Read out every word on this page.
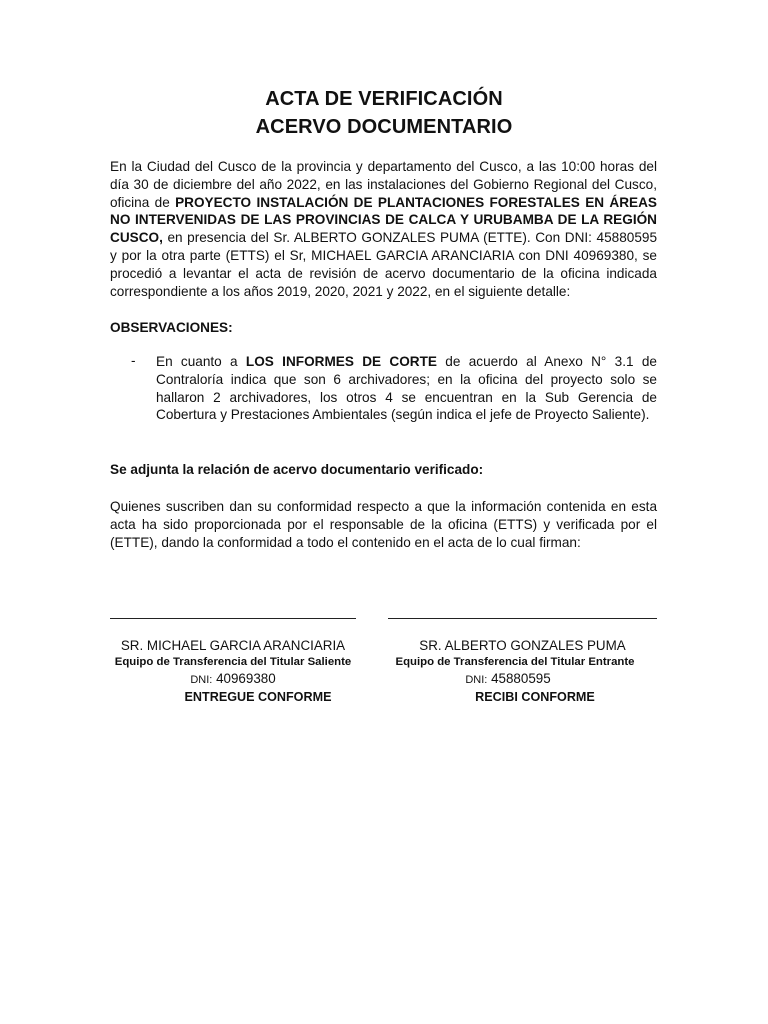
ACTA DE VERIFICACIÓN
ACERVO DOCUMENTARIO
En la Ciudad del Cusco de la provincia y departamento del Cusco, a las 10:00 horas del día 30 de diciembre del año 2022, en las instalaciones del Gobierno Regional del Cusco, oficina de PROYECTO INSTALACIÓN DE PLANTACIONES FORESTALES EN ÁREAS NO INTERVENIDAS DE LAS PROVINCIAS DE CALCA Y URUBAMBA DE LA REGIÓN CUSCO, en presencia del Sr. ALBERTO GONZALES PUMA (ETTE). Con DNI: 45880595 y por la otra parte (ETTS) el Sr, MICHAEL GARCIA ARANCIARIA con DNI 40969380, se procedió a levantar el acta de revisión de acervo documentario de la oficina indicada correspondiente a los años 2019, 2020, 2021 y 2022, en el siguiente detalle:
OBSERVACIONES:
- En cuanto a LOS INFORMES DE CORTE de acuerdo al Anexo N° 3.1 de Contraloría indica que son 6 archivadores; en la oficina del proyecto solo se hallaron 2 archivadores, los otros 4 se encuentran en la Sub Gerencia de Cobertura y Prestaciones Ambientales (según indica el jefe de Proyecto Saliente).
Se adjunta la relación de acervo documentario verificado:
Quienes suscriben dan su conformidad respecto a que la información contenida en esta acta ha sido proporcionada por el responsable de la oficina (ETTS) y verificada por el (ETTE), dando la conformidad a todo el contenido en el acta de lo cual firman:
SR. MICHAEL GARCIA ARANCIARIA
Equipo de Transferencia del Titular Saliente
DNI: 40969380
ENTREGUE CONFORME
SR. ALBERTO GONZALES PUMA
Equipo de Transferencia del Titular Entrante
DNI: 45880595
RECIBI CONFORME
